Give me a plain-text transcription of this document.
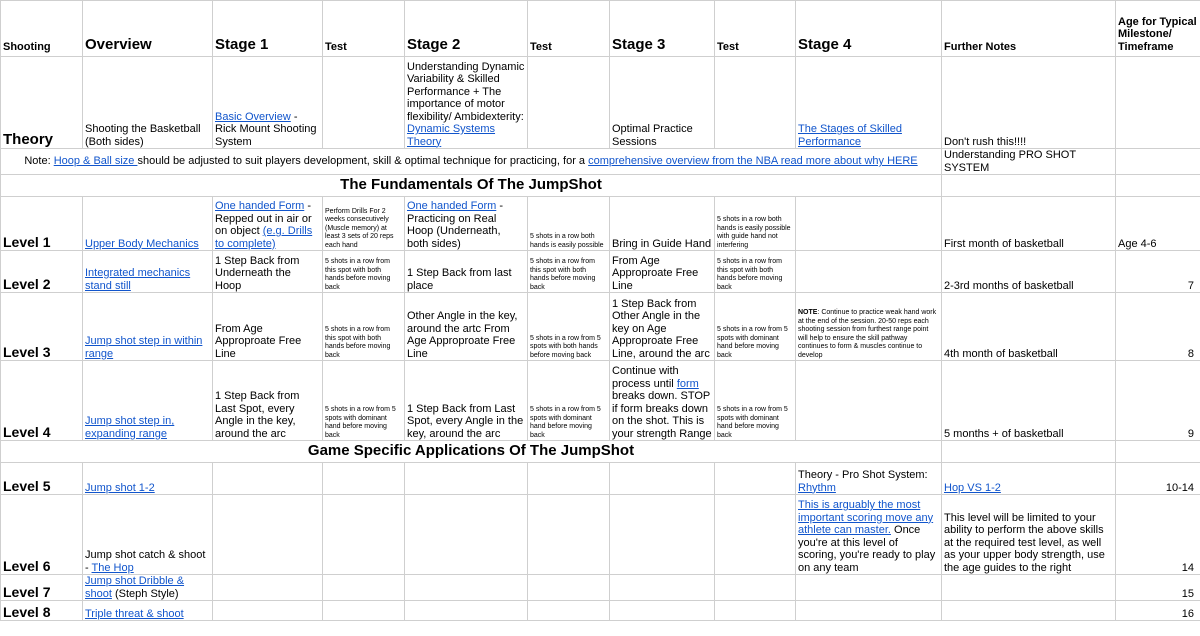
Shooting	Overview	Stage 1	Test	Stage 2	Test	Stage 3	Test	Stage 4	Further Notes	Age for Typical Milestone/ Timeframe
Theory	Shooting the Basketball (Both sides)	Basic Overview - Rick Mount Shooting System		Understanding Dynamic Variability & Skilled Performance + The importance of motor flexibility/ Ambidexterity: Dynamic Systems Theory		Optimal Practice Sessions		The Stages of Skilled Performance	Don't rush this!!!!	
Note: Hoop & Ball size should be adjusted to suit players development, skill & optimal technique for practicing, for a comprehensive overview from the NBA read more about why HERE									Understanding PRO SHOT SYSTEM	
The Fundamentals Of The JumpShot										
Level 1	Upper Body Mechanics	One handed Form - Repped out in air or on object (e.g. Drills to complete)	Perform Drills For 2 weeks consecutively (Muscle memory) at least 3 sets of 20 reps each hand	One handed Form - Practicing on Real Hoop (Underneath, both sides)	5 shots in a row both hands is easily possible	Bring in Guide Hand	5 shots in a row both hands is easily possible with guide hand not interfering		First month of basketball	Age 4-6
Level 2	Integrated mechanics stand still	1 Step Back from Underneath the Hoop	5 shots in a row from this spot with both hands before moving back	1 Step Back from last place	5 shots in a row from this spot with both hands before moving back	From Age Approproate Free Line	5 shots in a row from this spot with both hands before moving back		2-3rd months of basketball	7
Level 3	Jump shot step in within range	From Age Approproate Free Line	5 shots in a row from this spot with both hands before moving back	Other Angle in the key, around the artc From Age Approproate Free Line	5 shots in a row from 5 spots with both hands before moving back	1 Step Back from Other Angle in the key on Age Approproate Free Line, around the arc	5 shots in a row from 5 spots with dominant hand before moving back	NOTE: Continue to practice weak hand work at the end of the session. 20-50 reps each shooting session from furthest range point will help to ensure the skill pathway continues to form & muscles continue to develop	4th month of basketball	8
Level 4	Jump shot step in, expanding range	1 Step Back from Last Spot, every Angle in the key, around the arc	5 shots in a row from 5 spots with dominant hand before moving back	1 Step Back from Last Spot, every Angle in the key, around the arc	5 shots in a row from 5 spots with dominant hand before moving back	Continue with process until form breaks down. STOP if form breaks down on the shot. This is your strength Range	5 shots in a row from 5 spots with dominant hand before moving back		5 months + of basketball	9
Game Specific Applications Of The JumpShot										
Level 5	Jump shot 1-2							Theory - Pro Shot System: Rhythm	Hop VS 1-2	10-14
Level 6	Jump shot catch & shoot - The Hop							This is arguably the most important scoring move any athlete can master. Once you're at this level of scoring, you're ready to play on any team	This level will be limited to your ability to perform the above skills at the required test level, as well as your upper body strength, use the age guides to the right	14
Level 7	Jump shot Dribble & shoot (Steph Style)									15
Level 8	Triple threat & shoot									16
